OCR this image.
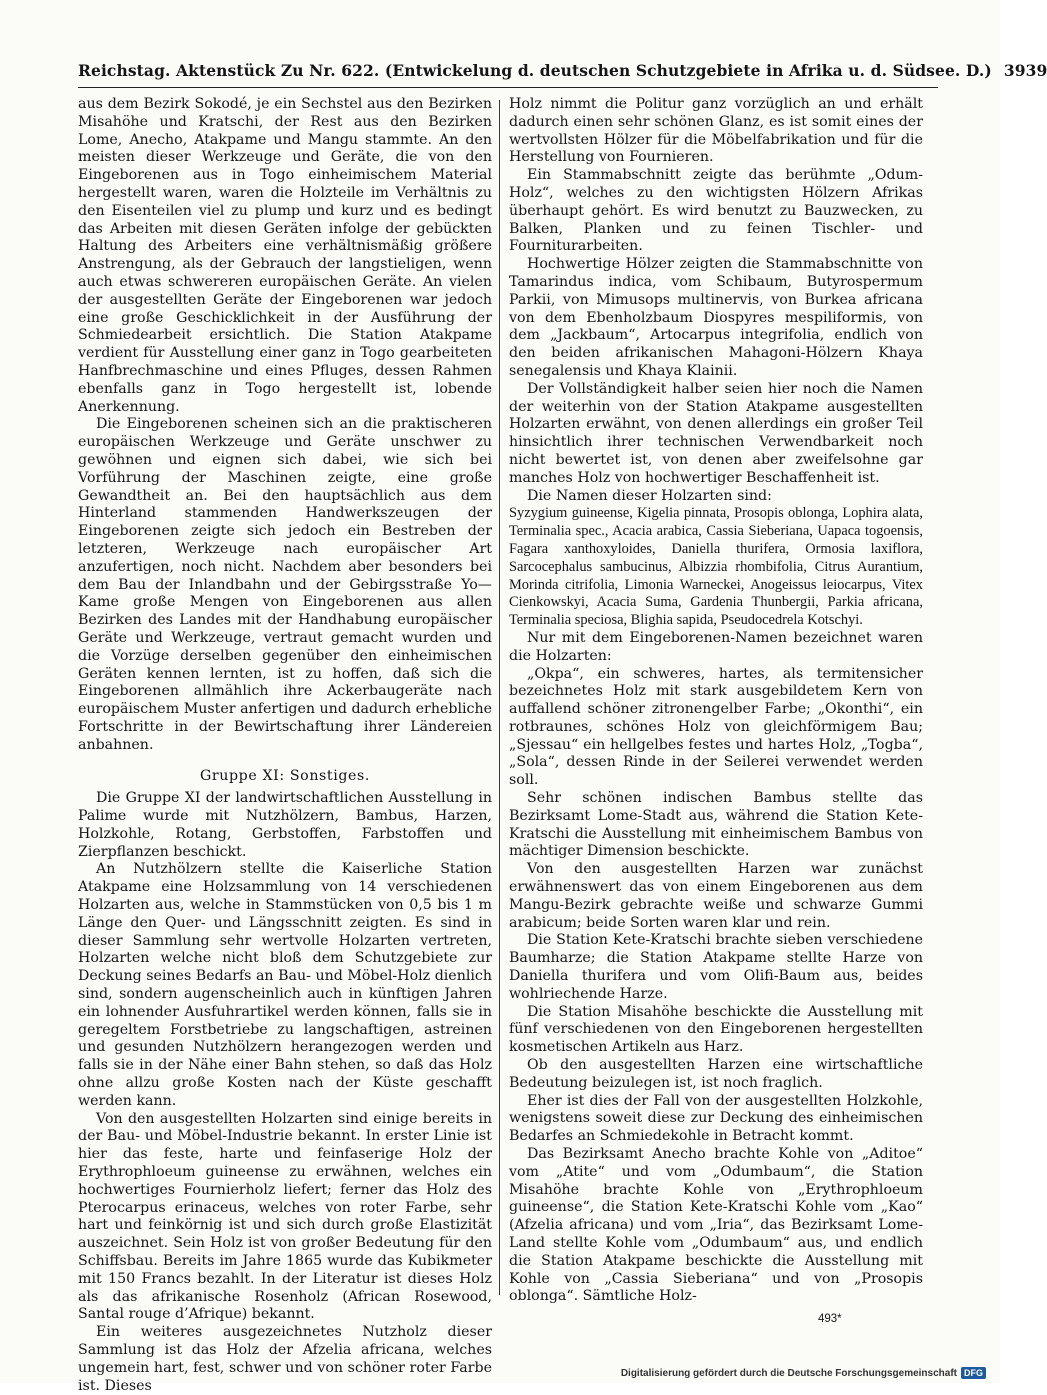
Reichstag. Aktenstück Zu Nr. 622. (Entwickelung d. deutschen Schutzgebiete in Afrika u. d. Südsee. D.) 3939

aus dem Bezirk Sokodé, je ein Sechstel aus den Bezirken Misahöhe und Kratschi, der Rest aus den Bezirken Lome, Anecho, Atakpame und Mangu stammte. An den meisten dieser Werkzeuge und Geräte, die von den Eingeborenen aus in Togo einheimischem Material hergestellt waren, waren die Holzteile im Verhältnis zu den Eisenteilen viel zu plump und kurz und es bedingt das Arbeiten mit diesen Geräten infolge der gebückten Haltung des Arbeiters eine verhältnismäßig größere Anstrengung, als der Gebrauch der langstieligen, wenn auch etwas schwereren europäischen Geräte. An vielen der ausgestellten Geräte der Eingeborenen war jedoch eine große Geschicklichkeit in der Ausführung der Schmiedearbeit ersichtlich. Die Station Atakpame verdient für Ausstellung einer ganz in Togo gearbeiteten Hanfbrechmaschine und eines Pfluges, dessen Rahmen ebenfalls ganz in Togo hergestellt ist, lobende Anerkennung.

Die Eingeborenen scheinen sich an die praktischeren europäischen Werkzeuge und Geräte unschwer zu gewöhnen und eignen sich dabei, wie sich bei Vorführung der Maschinen zeigte, eine große Gewandtheit an. Bei den hauptsächlich aus dem Hinterland stammenden Handwerkszeugen der Eingeborenen zeigte sich jedoch ein Bestreben der letzteren, Werkzeuge nach europäischer Art anzufertigen, noch nicht. Nachdem aber besonders bei dem Bau der Inlandbahn und der Gebirgsstraße Yo—Kame große Mengen von Eingeborenen aus allen Bezirken des Landes mit der Handhabung europäischer Geräte und Werkzeuge, vertraut gemacht wurden und die Vorzüge derselben gegenüber den einheimischen Geräten kennen lernten, ist zu hoffen, daß sich die Eingeborenen allmählich ihre Ackerbaugeräte nach europäischem Muster anfertigen und dadurch erhebliche Fortschritte in der Bewirtschaftung ihrer Ländereien anbahnen.

Gruppe XI: Sonstiges.

Die Gruppe XI der landwirtschaftlichen Ausstellung in Palime wurde mit Nutzhölzern, Bambus, Harzen, Holzkohle, Rotang, Gerbstoffen, Farbstoffen und Zierpflanzen beschickt.

An Nutzhölzern stellte die Kaiserliche Station Atakpame eine Holzsammlung von 14 verschiedenen Holzarten aus, welche in Stammstücken von 0,5 bis 1 m Länge den Quer- und Längsschnitt zeigten. Es sind in dieser Sammlung sehr wertvolle Holzarten vertreten, Holzarten welche nicht bloß dem Schutzgebiete zur Deckung seines Bedarfs an Bau- und Möbel-Holz dienlich sind, sondern augenscheinlich auch in künftigen Jahren ein lohnender Ausfuhrartikel werden können, falls sie in geregeltem Forstbetriebe zu langschaftigen, astreinen und gesunden Nutzhölzern herangezogen werden und falls sie in der Nähe einer Bahn stehen, so daß das Holz ohne allzu große Kosten nach der Küste geschafft werden kann.

Von den ausgestellten Holzarten sind einige bereits in der Bau- und Möbel-Industrie bekannt. In erster Linie ist hier das feste, harte und feinfaserige Holz der Erythrophloeum guineense zu erwähnen, welches ein hochwertiges Fournierholz liefert; ferner das Holz des Pterocarpus erinaceus, welches von roter Farbe, sehr hart und feinkörnig ist und sich durch große Elastizität auszeichnet. Sein Holz ist von großer Bedeutung für den Schiffsbau. Bereits im Jahre 1865 wurde das Kubikmeter mit 150 Francs bezahlt. In der Literatur ist dieses Holz als das afrikanische Rosenholz (African Rosewood, Santal rouge d’Afrique) bekannt.

Ein weiteres ausgezeichnetes Nutzholz dieser Sammlung ist das Holz der Afzelia africana, welches ungemein hart, fest, schwer und von schöner roter Farbe ist. Dieses

Holz nimmt die Politur ganz vorzüglich an und erhält dadurch einen sehr schönen Glanz, es ist somit eines der wertvollsten Hölzer für die Möbelfabrikation und für die Herstellung von Fournieren.

Ein Stammabschnitt zeigte das berühmte „Odum-Holz“, welches zu den wichtigsten Hölzern Afrikas überhaupt gehört. Es wird benutzt zu Bauzwecken, zu Balken, Planken und zu feinen Tischler- und Fourniturarbeiten.

Hochwertige Hölzer zeigten die Stammabschnitte von Tamarindus indica, vom Schibaum, Butyrospermum Parkii, von Mimusops multinervis, von Burkea africana von dem Ebenholzbaum Diospyres mespiliformis, von dem „Jackbaum“, Artocarpus integrifolia, endlich von den beiden afrikanischen Mahagoni-Hölzern Khaya senegalensis und Khaya Klainii.

Der Vollständigkeit halber seien hier noch die Namen der weiterhin von der Station Atakpame ausgestellten Holzarten erwähnt, von denen allerdings ein großer Teil hinsichtlich ihrer technischen Verwendbarkeit noch nicht bewertet ist, von denen aber zweifelsohne gar manches Holz von hochwertiger Beschaffenheit ist.

Die Namen dieser Holzarten sind:

Syzygium guineense, Kigelia pinnata, Prosopis oblonga, Lophira alata, Terminalia spec., Acacia arabica, Cassia Sieberiana, Uapaca togoensis, Fagara xanthoxyloides, Daniella thurifera, Ormosia laxiflora, Sarcocephalus sambucinus, Albizzia rhombifolia, Citrus Aurantium, Morinda citrifolia, Limonia Warneckei, Anogeissus leiocarpus, Vitex Cienkowskyi, Acacia Suma, Gardenia Thunbergii, Parkia africana, Terminalia speciosa, Blighia sapida, Pseudocedrela Kotschyi.

Nur mit dem Eingeborenen-Namen bezeichnet waren die Holzarten:

„Okpa“, ein schweres, hartes, als termitensicher bezeichnetes Holz mit stark ausgebildetem Kern von auffallend schöner zitronengelber Farbe; „Okonthi“, ein rotbraunes, schönes Holz von gleichförmigem Bau; „Sjessau“ ein hellgelbes festes und hartes Holz, „Togba“, „Sola“, dessen Rinde in der Seilerei verwendet werden soll.

Sehr schönen indischen Bambus stellte das Bezirksamt Lome-Stadt aus, während die Station Kete-Kratschi die Ausstellung mit einheimischem Bambus von mächtiger Dimension beschickte.

Von den ausgestellten Harzen war zunächst erwähnenswert das von einem Eingeborenen aus dem Mangu-Bezirk gebrachte weiße und schwarze Gummi arabicum; beide Sorten waren klar und rein.

Die Station Kete-Kratschi brachte sieben verschiedene Baumharze; die Station Atakpame stellte Harze von Daniella thurifera und vom Olifi-Baum aus, beides wohlriechende Harze.

Die Station Misahöhe beschickte die Ausstellung mit fünf verschiedenen von den Eingeborenen hergestellten kosmetischen Artikeln aus Harz.

Ob den ausgestellten Harzen eine wirtschaftliche Bedeutung beizulegen ist, ist noch fraglich.

Eher ist dies der Fall von der ausgestellten Holzkohle, wenigstens soweit diese zur Deckung des einheimischen Bedarfes an Schmiedekohle in Betracht kommt.

Das Bezirksamt Anecho brachte Kohle von „Aditoe“ vom „Atite“ und vom „Odumbaum“, die Station Misahöhe brachte Kohle von „Erythrophloeum guineense“, die Station Kete-Kratschi Kohle vom „Kao“ (Afzelia africana) und vom „Iria“, das Bezirksamt Lome-Land stellte Kohle vom „Odumbaum“ aus, und endlich die Station Atakpame beschickte die Ausstellung mit Kohle von „Cassia Sieberiana“ und von „Prosopis oblonga“. Sämtliche Holz-

493*
Digitalisierung gefördert durch die Deutsche Forschungsgemeinschaft DFG
